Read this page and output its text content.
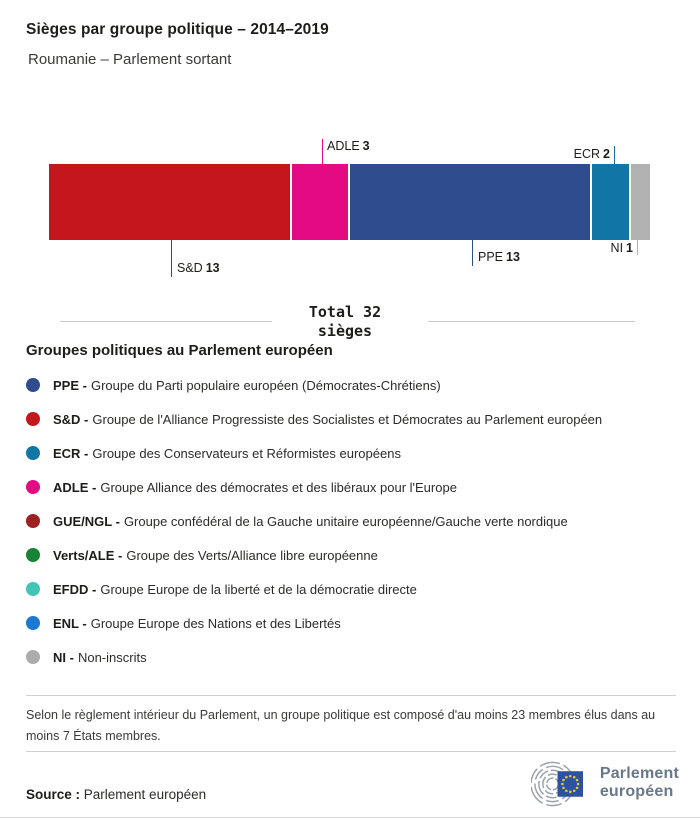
Sièges par groupe politique – 2014–2019
Roumanie – Parlement sortant
ADLE 3
ECR 2
S&D 13
PPE 13
NI 1
Total 32
sièges
Groupes politiques au Parlement européen
PPE - Groupe du Parti populaire européen (Démocrates-Chrétiens)
S&D - Groupe de l'Alliance Progressiste des Socialistes et Démocrates au Parlement européen
ECR - Groupe des Conservateurs et Réformistes européens
ADLE - Groupe Alliance des démocrates et des libéraux pour l'Europe
GUE/NGL - Groupe confédéral de la Gauche unitaire européenne/Gauche verte nordique
Verts/ALE - Groupe des Verts/Alliance libre européenne
EFDD - Groupe Europe de la liberté et de la démocratie directe
ENL - Groupe Europe des Nations et des Libertés
NI - Non-inscrits
Selon le règlement intérieur du Parlement, un groupe politique est composé d'au moins 23 membres élus dans au moins 7 États membres.
Source : Parlement européen
Parlement
européen
